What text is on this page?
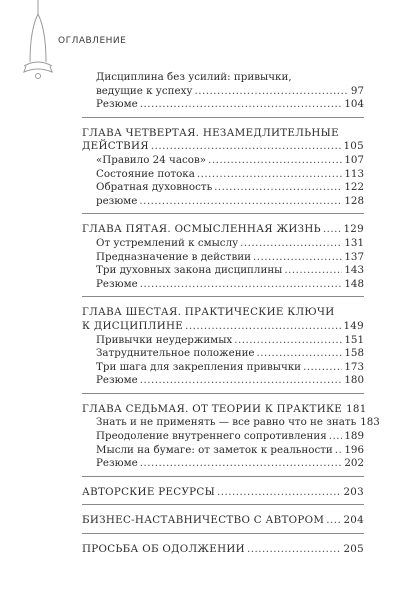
ОГЛАВЛЕНИЕ
Дисциплина без усилий: привычки,
ведущие к успеху . . .	97
Резюме . . .	104
ГЛАВА ЧЕТВЕРТАЯ. НЕЗАМЕДЛИТЕЛЬНЫЕ
ДЕЙСТВИЯ . . .	105
«Правило 24 часов» . . .	107
Состояние потока . . .	113
Обратная духовность . . .	122
резюме . . .	128
ГЛАВА ПЯТАЯ. ОСМЫСЛЕННАЯ ЖИЗНЬ . . . 129
От устремлений к смыслу . . .	131
Предназначение в действии . . .	137
Три духовных закона дисциплины . . .	143
Резюме . . .	148
ГЛАВА ШЕСТАЯ. ПРАКТИЧЕСКИЕ КЛЮЧИ
К ДИСЦИПЛИНЕ . . .	149
Привычки неудержимых . . .	151
Затруднительное положение . . .	158
Три шага для закрепления привычки . . .	173
Резюме . . .	180
ГЛАВА СЕДЬМАЯ. ОТ ТЕОРИИ К ПРАКТИКЕ 181
Знать и не применять — все равно что не знать 183
Преодоление внутреннего сопротивления . . . 189
Мысли на бумаге: от заметок к реальности . . . 196
Резюме . . .	202
АВТОРСКИЕ РЕСУРСЫ . . .	203
БИЗНЕС-НАСТАВНИЧЕСТВО С АВТОРОМ . . . 204
ПРОСЬБА ОБ ОДОЛЖЕНИИ . . .	205
